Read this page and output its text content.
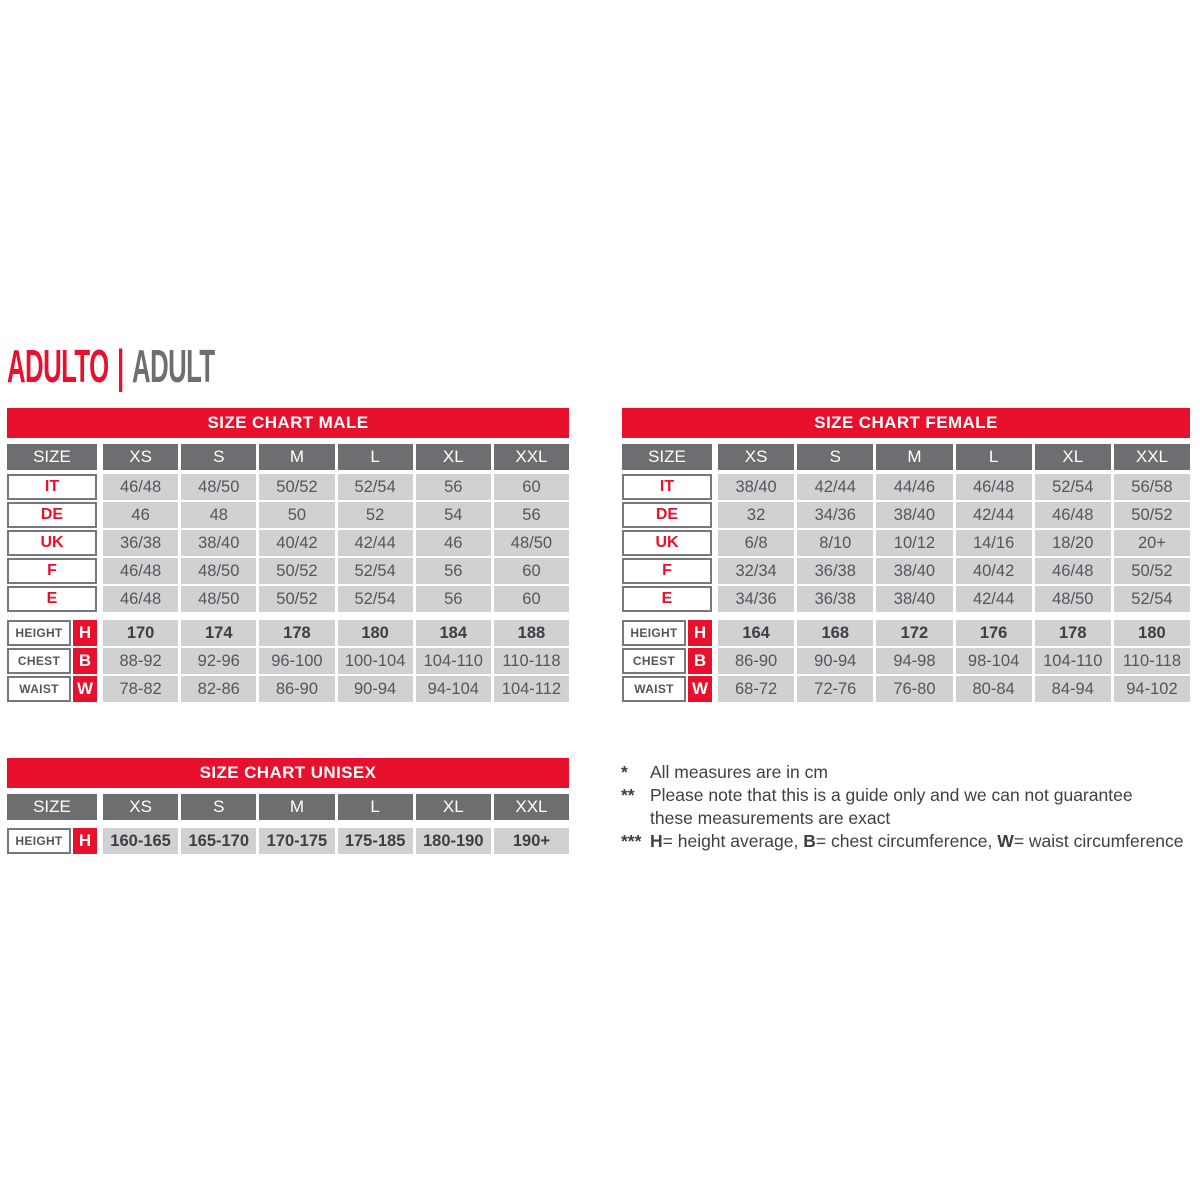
ADULTO | ADULT
SIZE CHART MALE
SIZE	XS	S	M	L	XL	XXL
IT	46/48	48/50	50/52	52/54	56	60
DE	46	48	50	52	54	56
UK	36/38	38/40	40/42	42/44	46	48/50
F	46/48	48/50	50/52	52/54	56	60
E	46/48	48/50	50/52	52/54	56	60
HEIGHT H	170	174	178	180	184	188
CHEST	B	88-92	92-96	96-100	100-104	104-110	110-118
WAIST	W	78-82	82-86	86-90	90-94	94-104	104-112
SIZE CHART FEMALE
SIZE	XS	S	M	L	XL	XXL
IT	38/40	42/44	44/46	46/48	52/54	56/58
DE	32	34/36	38/40	42/44	46/48	50/52
UK	6/8	8/10	10/12	14/16	18/20	20+
F	32/34	36/38	38/40	40/42	46/48	50/52
E	34/36	36/38	38/40	42/44	48/50	52/54
HEIGHT H	164	168	172	176	178	180
CHEST	B	86-90	90-94	94-98	98-104	104-110	110-118
WAIST	W	68-72	72-76	76-80	80-84	84-94	94-102
SIZE CHART UNISEX
SIZE	XS	S	M	L	XL	XXL
HEIGHT H	160-165	165-170	170-175	175-185	180-190	190+
*	All measures are in cm
** Please note that this is a guide only and we can not guarantee
these measurements are exact
*** H= height average, B= chest circumference, W= waist circumference
